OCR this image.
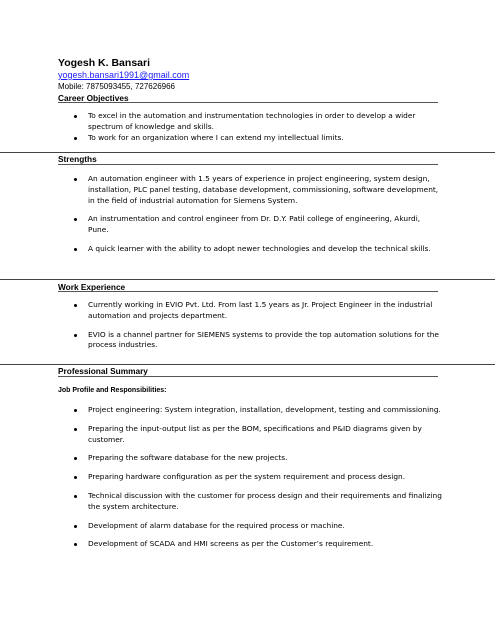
Yogesh K. Bansari
yogesh.bansari1991@gmail.com
Mobile: 7875093455, 727626966
Career Objectives
To excel in the automation and instrumentation technologies in order to develop a wider spectrum of knowledge and skills.
To work for an organization where I can extend my intellectual limits.
Strengths
An automation engineer with 1.5 years of experience in project engineering, system design, installation, PLC panel testing, database development, commissioning, software development, in the field of industrial automation for Siemens System.
An instrumentation and control engineer from Dr. D.Y. Patil college of engineering, Akurdi, Pune.
A quick learner with the ability to adopt newer technologies and develop the technical skills.
Work Experience
Currently working in EVIO Pvt. Ltd. From last 1.5 years as Jr. Project Engineer in the industrial automation and projects department.
EVIO is a channel partner for SIEMENS systems to provide the top automation solutions for the process industries.
Professional Summary
Job Profile and Responsibilities:
Project engineering: System integration, installation, development, testing and commissioning.
Preparing the input-output list as per the BOM, specifications and P&ID diagrams given by customer.
Preparing the software database for the new projects.
Preparing hardware configuration as per the system requirement and process design.
Technical discussion with the customer for process design and their requirements and finalizing the system architecture.
Development of alarm database for the required process or machine.
Development of SCADA and HMI screens as per the Customer’s requirement.
